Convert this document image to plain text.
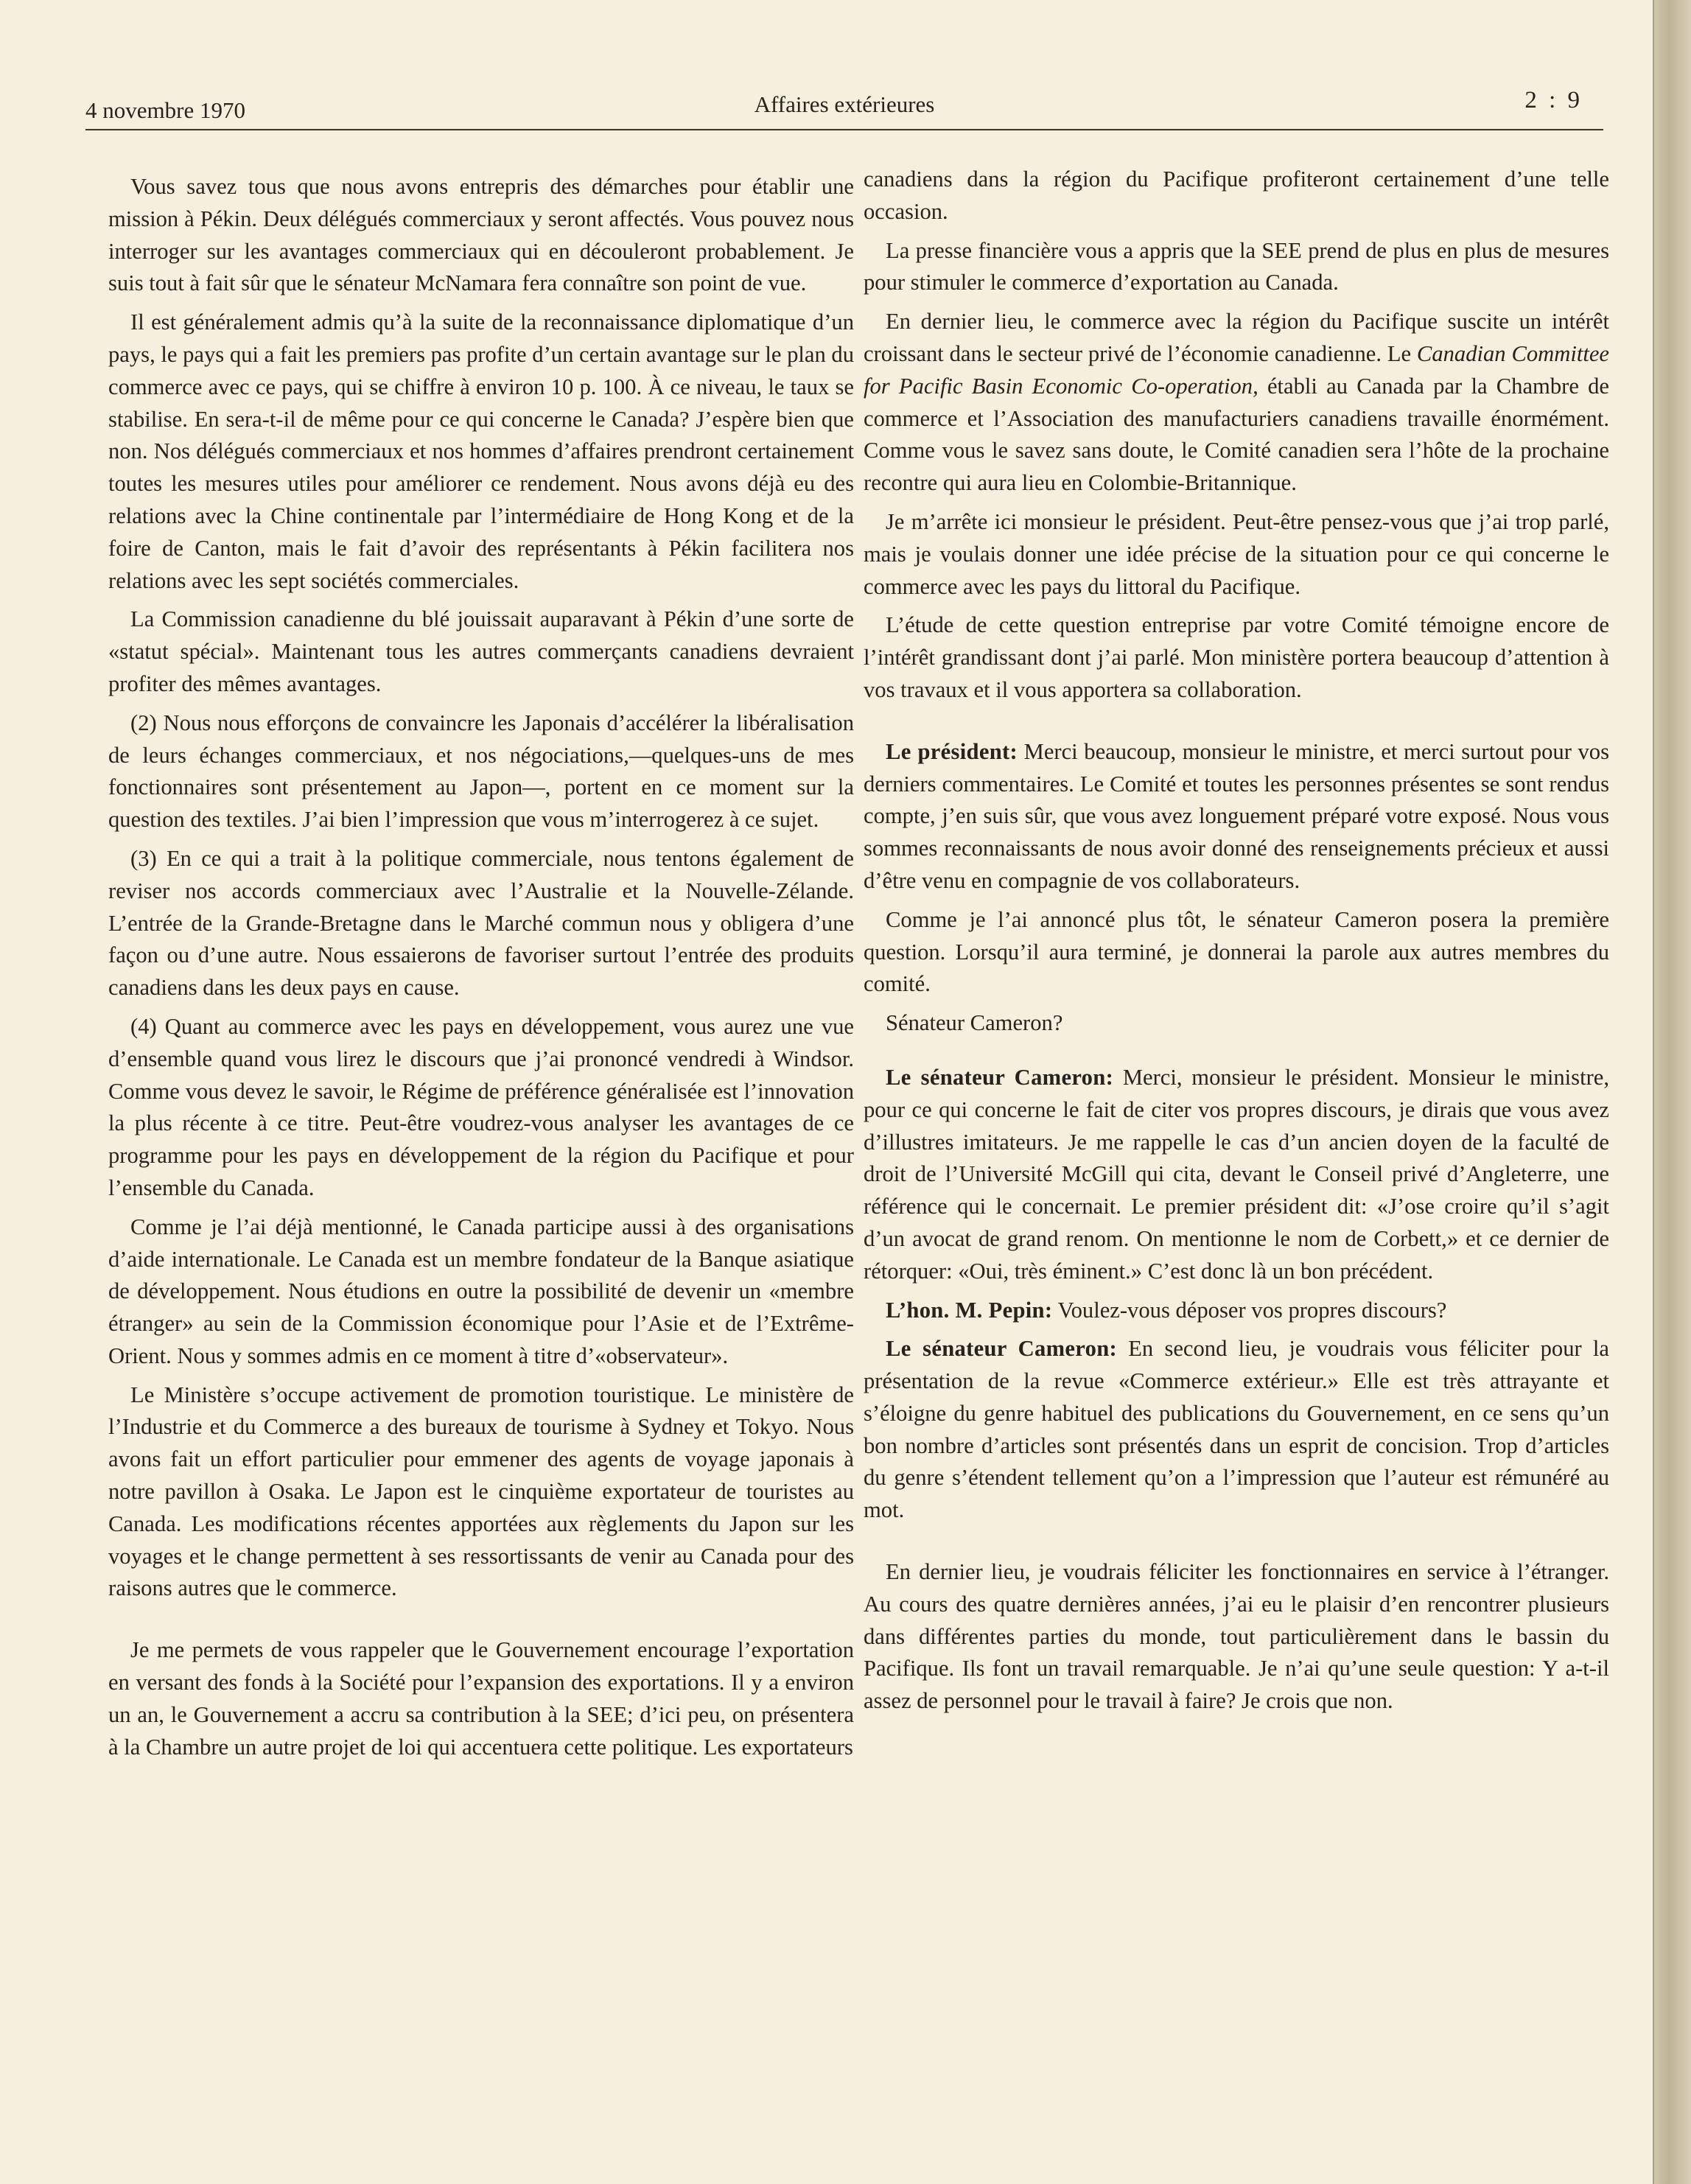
4 novembre 1970	Affaires extérieures	2 : 9

Vous savez tous que nous avons entrepris des démarches pour établir une mission à Pékin. Deux délégués commerciaux y seront affectés. Vous pouvez nous interroger sur les avantages commerciaux qui en découleront probablement. Je suis tout à fait sûr que le sénateur McNamara fera connaître son point de vue.

Il est généralement admis qu’à la suite de la reconnaissance diplomatique d’un pays, le pays qui a fait les premiers pas profite d’un certain avantage sur le plan du commerce avec ce pays, qui se chiffre à environ 10 p. 100. À ce niveau, le taux se stabilise. En sera-t-il de même pour ce qui concerne le Canada? J’espère bien que non. Nos délégués commerciaux et nos hommes d’affaires prendront certainement toutes les mesures utiles pour améliorer ce rendement. Nous avons déjà eu des relations avec la Chine continentale par l’intermédiaire de Hong Kong et de la foire de Canton, mais le fait d’avoir des représentants à Pékin facilitera nos relations avec les sept sociétés commerciales.

La Commission canadienne du blé jouissait auparavant à Pékin d’une sorte de «statut spécial». Maintenant tous les autres commerçants canadiens devraient profiter des mêmes avantages.

(2) Nous nous efforçons de convaincre les Japonais d’accélérer la libéralisation de leurs échanges commerciaux, et nos négociations,—quelques-uns de mes fonctionnaires sont présentement au Japon—, portent en ce moment sur la question des textiles. J’ai bien l’impression que vous m’interrogerez à ce sujet.

(3) En ce qui a trait à la politique commerciale, nous tentons également de reviser nos accords commerciaux avec l’Australie et la Nouvelle-Zélande. L’entrée de la Grande-Bretagne dans le Marché commun nous y obligera d’une façon ou d’une autre. Nous essaierons de favoriser surtout l’entrée des produits canadiens dans les deux pays en cause.

(4) Quant au commerce avec les pays en développement, vous aurez une vue d’ensemble quand vous lirez le discours que j’ai prononcé vendredi à Windsor. Comme vous devez le savoir, le Régime de préférence généralisée est l’innovation la plus récente à ce titre. Peut-être voudrez-vous analyser les avantages de ce programme pour les pays en développement de la région du Pacifique et pour l’ensemble du Canada.

Comme je l’ai déjà mentionné, le Canada participe aussi à des organisations d’aide internationale. Le Canada est un membre fondateur de la Banque asiatique de développement. Nous étudions en outre la possibilité de devenir un «membre étranger» au sein de la Commission économique pour l’Asie et de l’Extrême-Orient. Nous y sommes admis en ce moment à titre d’«observateur».

Le Ministère s’occupe activement de promotion touristique. Le ministère de l’Industrie et du Commerce a des bureaux de tourisme à Sydney et Tokyo. Nous avons fait un effort particulier pour emmener des agents de voyage japonais à notre pavillon à Osaka. Le Japon est le cinquième exportateur de touristes au Canada. Les modifications récentes apportées aux règlements du Japon sur les voyages et le change permettent à ses ressortissants de venir au Canada pour des raisons autres que le commerce.

Je me permets de vous rappeler que le Gouvernement encourage l’exportation en versant des fonds à la Société pour l’expansion des exportations. Il y a environ un an, le Gouvernement a accru sa contribution à la SEE; d’ici peu, on présentera à la Chambre un autre projet de loi qui accentuera cette politique. Les exportateurs

canadiens dans la région du Pacifique profiteront certainement d’une telle occasion.

La presse financière vous a appris que la SEE prend de plus en plus de mesures pour stimuler le commerce d’exportation au Canada.

En dernier lieu, le commerce avec la région du Pacifique suscite un intérêt croissant dans le secteur privé de l’économie canadienne. Le Canadian Committee for Pacific Basin Economic Co-operation, établi au Canada par la Chambre de commerce et l’Association des manufacturiers canadiens travaille énormément. Comme vous le savez sans doute, le Comité canadien sera l’hôte de la prochaine recontre qui aura lieu en Colombie-Britannique.

Je m’arrête ici monsieur le président. Peut-être pensez-vous que j’ai trop parlé, mais je voulais donner une idée précise de la situation pour ce qui concerne le commerce avec les pays du littoral du Pacifique.

L’étude de cette question entreprise par votre Comité témoigne encore de l’intérêt grandissant dont j’ai parlé. Mon ministère portera beaucoup d’attention à vos travaux et il vous apportera sa collaboration.

Le président: Merci beaucoup, monsieur le ministre, et merci surtout pour vos derniers commentaires. Le Comité et toutes les personnes présentes se sont rendus compte, j’en suis sûr, que vous avez longuement préparé votre exposé. Nous vous sommes reconnaissants de nous avoir donné des renseignements précieux et aussi d’être venu en compagnie de vos collaborateurs.

Comme je l’ai annoncé plus tôt, le sénateur Cameron posera la première question. Lorsqu’il aura terminé, je donnerai la parole aux autres membres du comité.

Sénateur Cameron?

Le sénateur Cameron: Merci, monsieur le président. Monsieur le ministre, pour ce qui concerne le fait de citer vos propres discours, je dirais que vous avez d’illustres imitateurs. Je me rappelle le cas d’un ancien doyen de la faculté de droit de l’Université McGill qui cita, devant le Conseil privé d’Angleterre, une référence qui le concernait. Le premier président dit: «J’ose croire qu’il s’agit d’un avocat de grand renom. On mentionne le nom de Corbett,» et ce dernier de rétorquer: «Oui, très éminent.» C’est donc là un bon précédent.

L’hon. M. Pepin: Voulez-vous déposer vos propres discours?

Le sénateur Cameron: En second lieu, je voudrais vous féliciter pour la présentation de la revue «Commerce extérieur.» Elle est très attrayante et s’éloigne du genre habituel des publications du Gouvernement, en ce sens qu’un bon nombre d’articles sont présentés dans un esprit de concision. Trop d’articles du genre s’étendent tellement qu’on a l’impression que l’auteur est rémunéré au mot.

En dernier lieu, je voudrais féliciter les fonctionnaires en service à l’étranger. Au cours des quatre dernières années, j’ai eu le plaisir d’en rencontrer plusieurs dans différentes parties du monde, tout particulièrement dans le bassin du Pacifique. Ils font un travail remarquable. Je n’ai qu’une seule question: Y a-t-il assez de personnel pour le travail à faire? Je crois que non.
